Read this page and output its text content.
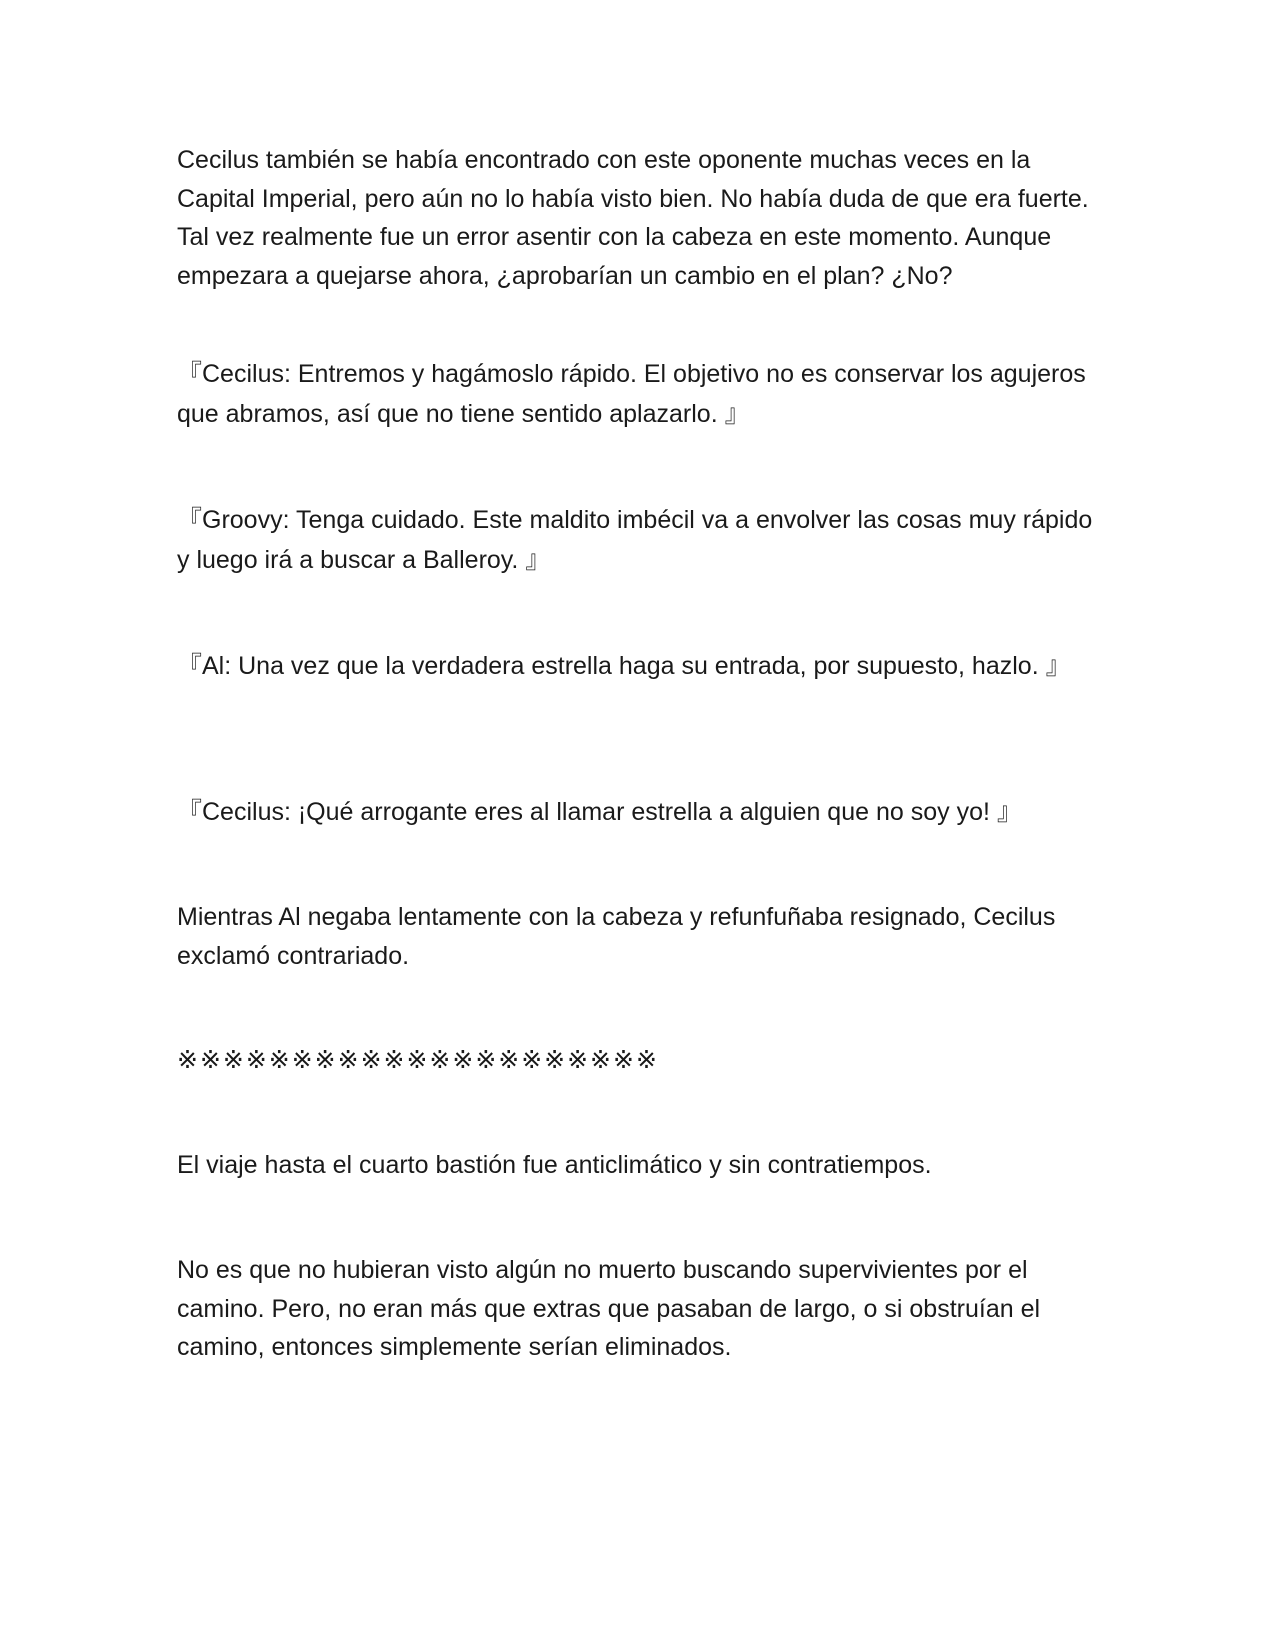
Cecilus también se había encontrado con este oponente muchas veces en la Capital Imperial, pero aún no lo había visto bien. No había duda de que era fuerte. Tal vez realmente fue un error asentir con la cabeza en este momento. Aunque empezara a quejarse ahora, ¿aprobarían un cambio en el plan? ¿No?

『Cecilus: Entremos y hagámoslo rápido. El objetivo no es conservar los agujeros que abramos, así que no tiene sentido aplazarlo. 』

『Groovy: Tenga cuidado. Este maldito imbécil va a envolver las cosas muy rápido y luego irá a buscar a Balleroy. 』

『Al: Una vez que la verdadera estrella haga su entrada, por supuesto, hazlo. 』

『Cecilus: ¡Qué arrogante eres al llamar estrella a alguien que no soy yo! 』

Mientras Al negaba lentamente con la cabeza y refunfuñaba resignado, Cecilus exclamó contrariado.

※※※※※※※※※※※※※※※※※※※※※

El viaje hasta el cuarto bastión fue anticlimático y sin contratiempos.

No es que no hubieran visto algún no muerto buscando supervivientes por el camino. Pero, no eran más que extras que pasaban de largo, o si obstruían el camino, entonces simplemente serían eliminados.
